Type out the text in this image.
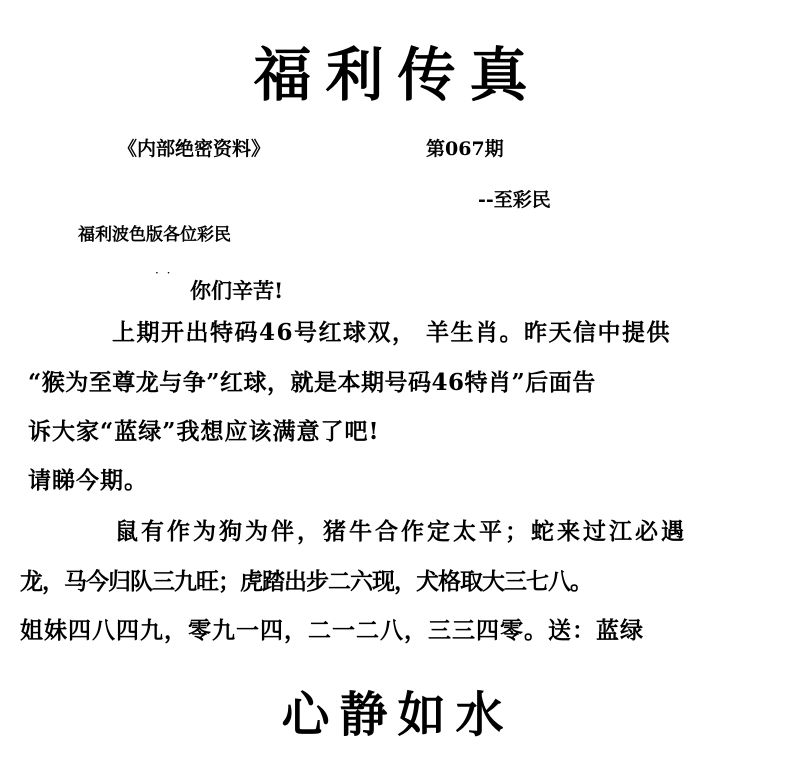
福利传真
《内部绝密资料》	第067期
--至彩民
福利波色版各位彩民
· ·
你们辛苦!
上期开出特码46号红球双， 羊生肖。昨天信中提供
“猴为至尊龙与争”红球，就是本期号码46特肖”后面告
诉大家“蓝绿”我想应该满意了吧!
请睇今期。
鼠有作为狗为伴，猪牛合作定太平；蛇来过江必遇
龙，马今归队三九旺；虎踏出步二六现，犬格取大三七八。
姐妹四八四九，零九一四，二一二八，三三四零。送：蓝绿
心静如水
